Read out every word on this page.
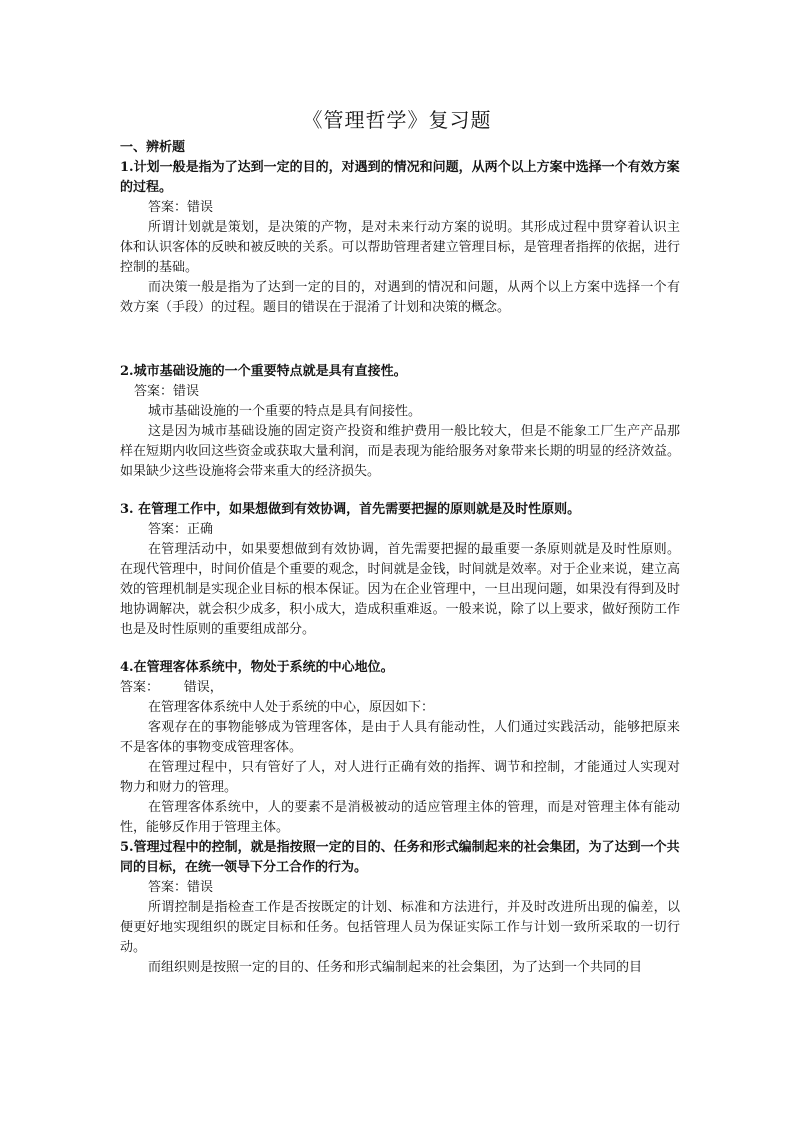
《管理哲学》复习题

一、辨析题

1.计划一般是指为了达到一定的目的，对遇到的情况和问题，从两个以上方案中选择一个有效方案的过程。

答案：错误

所谓计划就是策划，是决策的产物，是对未来行动方案的说明。其形成过程中贯穿着认识主体和认识客体的反映和被反映的关系。可以帮助管理者建立管理目标，是管理者指挥的依据，进行控制的基础。

而决策一般是指为了达到一定的目的，对遇到的情况和问题，从两个以上方案中选择一个有效方案（手段）的过程。题目的错误在于混淆了计划和决策的概念。

2.城市基础设施的一个重要特点就是具有直接性。

答案：错误

城市基础设施的一个重要的特点是具有间接性。

这是因为城市基础设施的固定资产投资和维护费用一般比较大，但是不能象工厂生产产品那样在短期内收回这些资金或获取大量利润，而是表现为能给服务对象带来长期的明显的经济效益。如果缺少这些设施将会带来重大的经济损失。

3. 在管理工作中，如果想做到有效协调，首先需要把握的原则就是及时性原则。

答案：正确

在管理活动中，如果要想做到有效协调，首先需要把握的最重要一条原则就是及时性原则。在现代管理中，时间价值是个重要的观念，时间就是金钱，时间就是效率。对于企业来说，建立高效的管理机制是实现企业目标的根本保证。因为在企业管理中，一旦出现问题，如果没有得到及时地协调解决，就会积少成多，积小成大，造成积重难返。一般来说，除了以上要求，做好预防工作也是及时性原则的重要组成部分。

4.在管理客体系统中，物处于系统的中心地位。

答案：      错误，

在管理客体系统中人处于系统的中心，原因如下：

客观存在的事物能够成为管理客体，是由于人具有能动性，人们通过实践活动，能够把原来不是客体的事物变成管理客体。

在管理过程中，只有管好了人，对人进行正确有效的指挥、调节和控制，才能通过人实现对物力和财力的管理。

在管理客体系统中，人的要素不是消极被动的适应管理主体的管理，而是对管理主体有能动性，能够反作用于管理主体。

5.管理过程中的控制，就是指按照一定的目的、任务和形式编制起来的社会集团，为了达到一个共同的目标，在统一领导下分工合作的行为。

答案：错误

所谓控制是指检查工作是否按既定的计划、标准和方法进行，并及时改进所出现的偏差，以便更好地实现组织的既定目标和任务。包括管理人员为保证实际工作与计划一致所采取的一切行动。

而组织则是按照一定的目的、任务和形式编制起来的社会集团，为了达到一个共同的目
